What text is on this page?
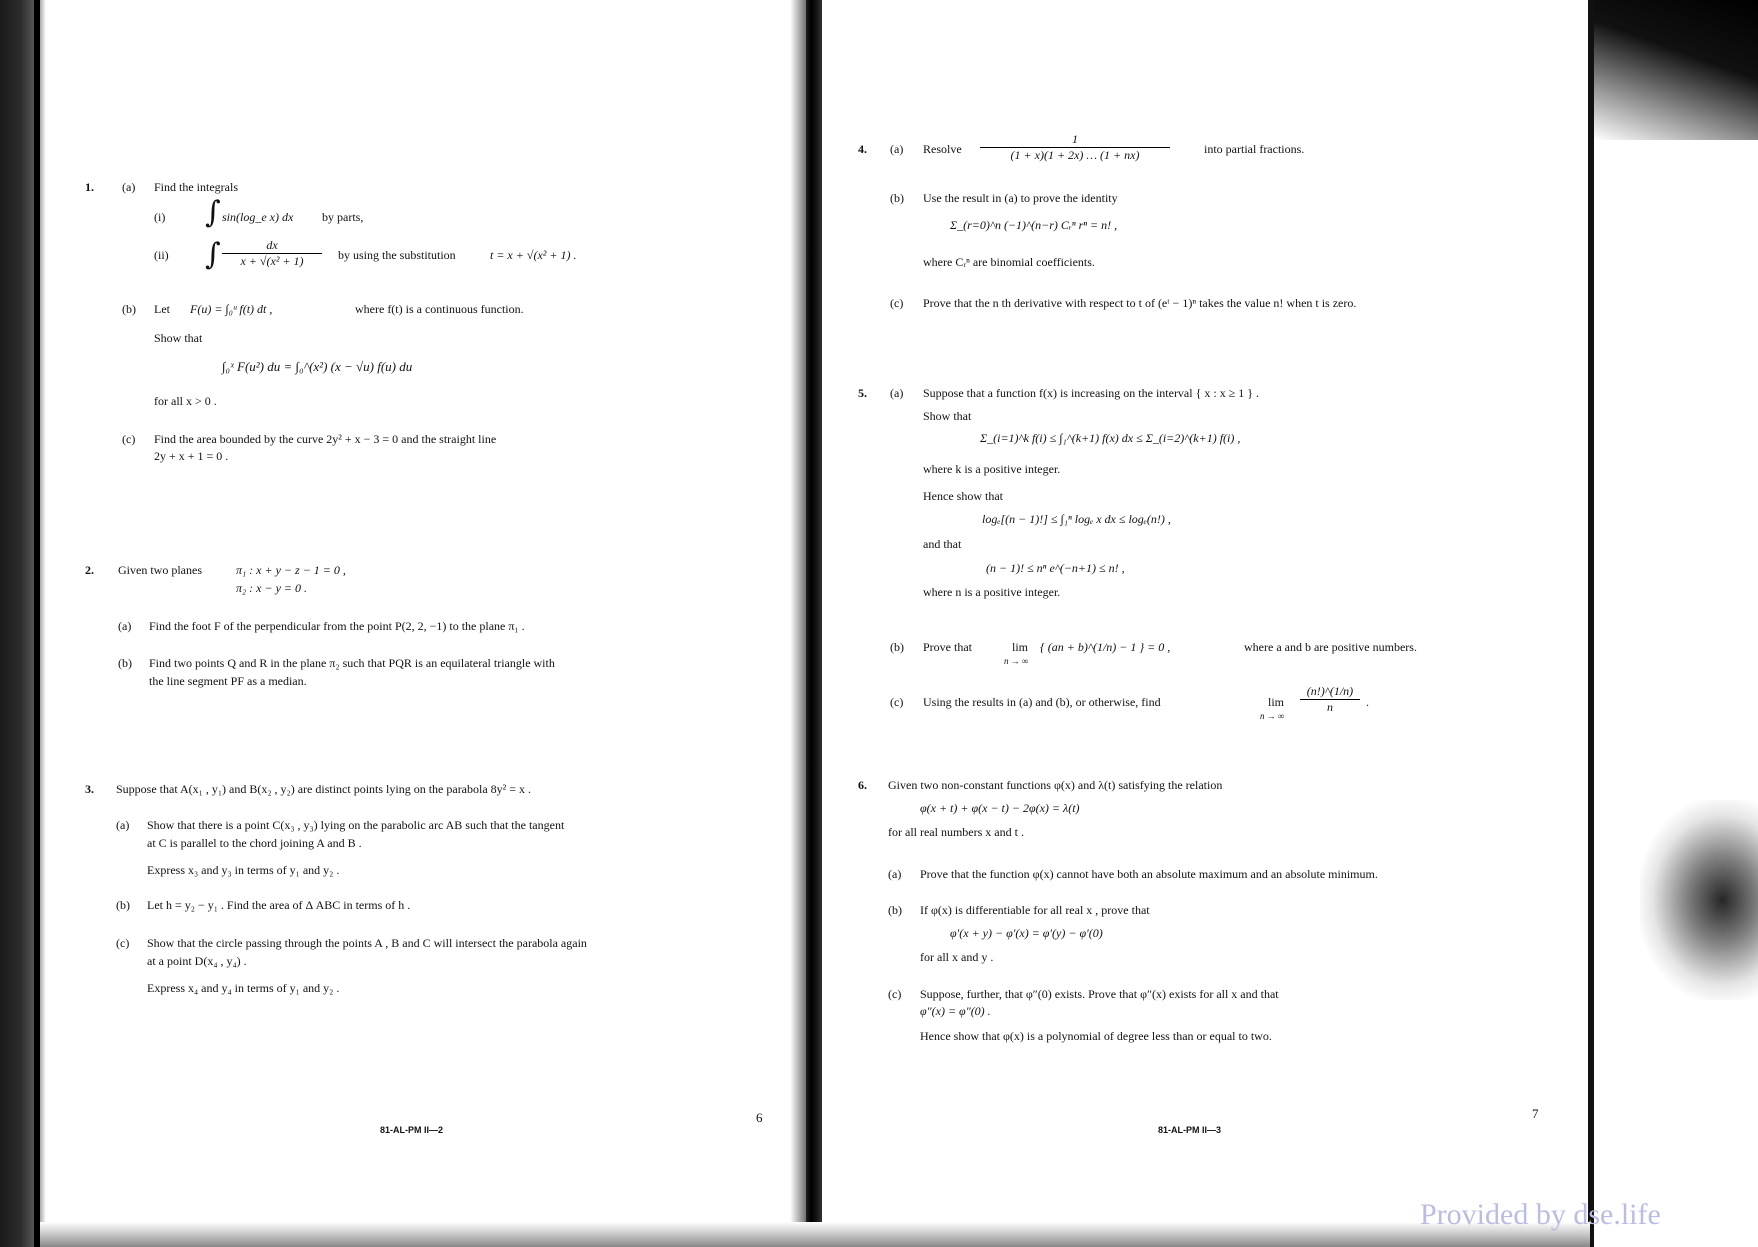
1. (a) Find the integrals
(i) ∫ sin(log_e x) dx by parts,
(ii) ∫ $\frac{dx}{\text{x + √(x² + 1)}}$ by using the substitution	t = x + √(x² + 1) .
(b) Let F(u) = ∫₀ᵘ f(t) dt ,	where f(t) is a continuous function.
Show that
∫₀ˣ F(u²) du = ∫₀^(x²) (x − √u) f(u) du
for all x > 0 .
(c) Find the area bounded by the curve 2y² + x − 3 = 0 and the straight line
2y + x + 1 = 0 .
2. Given two planes	π₁ : x + y − z − 1 = 0 ,
π₂ : x − y = 0 .
(a) Find the foot F of the perpendicular from the point P(2, 2, −1) to the plane π₁ .
(b) Find two points Q and R in the plane π₂ such that PQR is an equilateral triangle with
the line segment PF as a median.
3. Suppose that A(x₁ , y₁) and B(x₂ , y₂) are distinct points lying on the parabola 8y² = x .
(a) Show that there is a point C(x₃ , y₃) lying on the parabolic arc AB such that the tangent
at C is parallel to the chord joining A and B .
Express x₃ and y₃ in terms of y₁ and y₂ .
(b) Let h = y₂ − y₁ . Find the area of Δ ABC in terms of h .
(c) Show that the circle passing through the points A , B and C will intersect the parabola again
at a point D(x₄ , y₄) .
Express x₄ and y₄ in terms of y₁ and y₂ .
81-AL-PM II—2
6
4. (a) Resolve $\frac{1}{(1 + x)(1 + 2x) \dots (1 + nx)}$	into partial fractions.
(b) Use the result in (a) to prove the identity
Σ_(r=0)^n (−1)^(n−r) Cᵣⁿ rⁿ = n! ,
where Cᵣⁿ are binomial coefficients.
(c) Prove that the n th derivative with respect to t of (eᵗ − 1)ⁿ takes the value n! when t is zero.
5. (a) Suppose that a function f(x) is increasing on the interval { x : x ≥ 1 } .
Show that
Σ_(i=1)^k f(i) ≤ ∫₁^(k+1) f(x) dx ≤ Σ_(i=2)^(k+1) f(i) ,
where k is a positive integer.
Hence show that
logₑ[(n − 1)!] ≤ ∫₁ⁿ logₑ x dx ≤ logₑ(n!) ,
and that
(n − 1)! ≤ nⁿ e^(−n+1) ≤ n! ,
where n is a positive integer.
(b) Prove that	lim
n → ∞
{ (an + b)^(1/n) − 1 } = 0 ,	where a and b are positive numbers.
(c) Using the results in (a) and (b), or otherwise, find	lim
n → ∞
$\frac{(n!)\^{}(1/n)}{n}$ .
6. Given two non-constant functions φ(x) and λ(t) satisfying the relation
φ(x + t) + φ(x − t) − 2φ(x) = λ(t)
for all real numbers x and t .
(a) Prove that the function φ(x) cannot have both an absolute maximum and an absolute minimum.
(b) If φ(x) is differentiable for all real x , prove that
φ′(x + y) − φ′(x) = φ′(y) − φ′(0)
for all x and y .
(c) Suppose, further, that φ″(0) exists. Prove that φ″(x) exists for all x and that
φ″(x) = φ″(0) .
Hence show that φ(x) is a polynomial of degree less than or equal to two.
81-AL-PM II—3
7
Provided by dse.life
